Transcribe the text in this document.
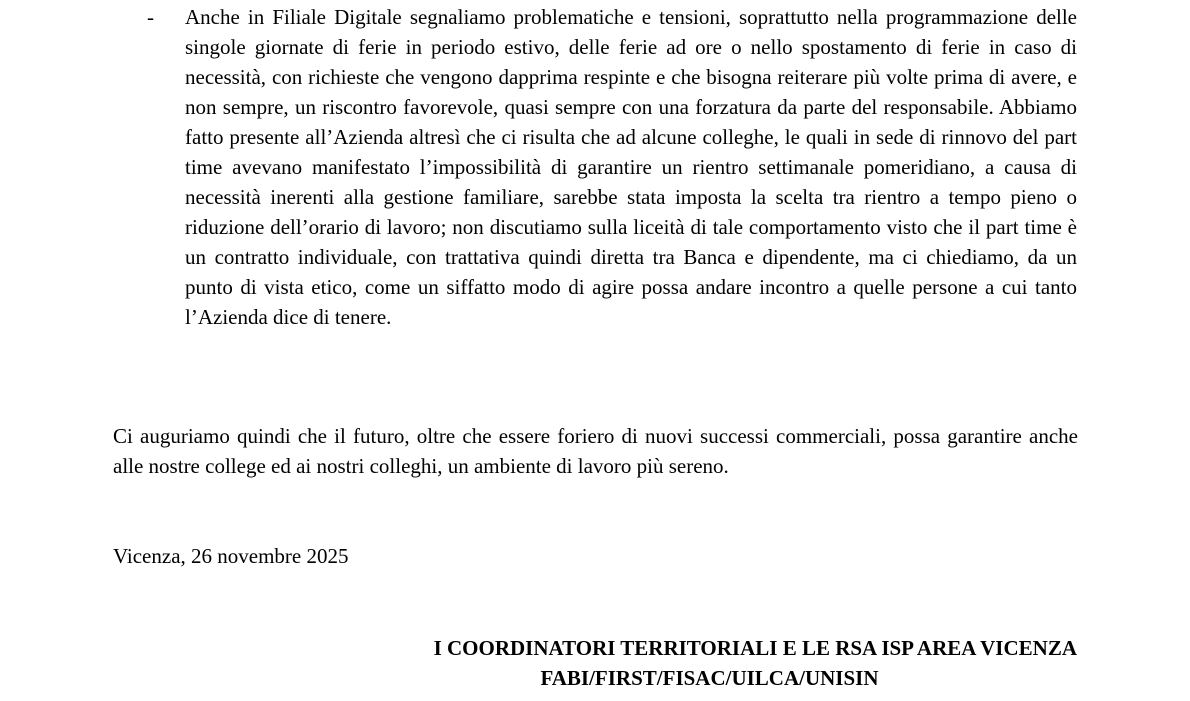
- Anche in Filiale Digitale segnaliamo problematiche e tensioni, soprattutto nella programmazione delle singole giornate di ferie in periodo estivo, delle ferie ad ore o nello spostamento di ferie in caso di necessità, con richieste che vengono dapprima respinte e che bisogna reiterare più volte prima di avere, e non sempre, un riscontro favorevole, quasi sempre con una forzatura da parte del responsabile. Abbiamo fatto presente all’Azienda altresì che ci risulta che ad alcune colleghe, le quali in sede di rinnovo del part time avevano manifestato l’impossibilità di garantire un rientro settimanale pomeridiano, a causa di necessità inerenti alla gestione familiare, sarebbe stata imposta la scelta tra rientro a tempo pieno o riduzione dell’orario di lavoro; non discutiamo sulla liceità di tale comportamento visto che il part time è un contratto individuale, con trattativa quindi diretta tra Banca e dipendente, ma ci chiediamo, da un punto di vista etico, come un siffatto modo di agire possa andare incontro a quelle persone a cui tanto l’Azienda dice di tenere.
Ci auguriamo quindi che il futuro, oltre che essere foriero di nuovi successi commerciali, possa garantire anche alle nostre college ed ai nostri colleghi, un ambiente di lavoro più sereno.
Vicenza, 26 novembre 2025
I COORDINATORI TERRITORIALI E LE RSA ISP AREA VICENZA
FABI/FIRST/FISAC/UILCA/UNISIN
